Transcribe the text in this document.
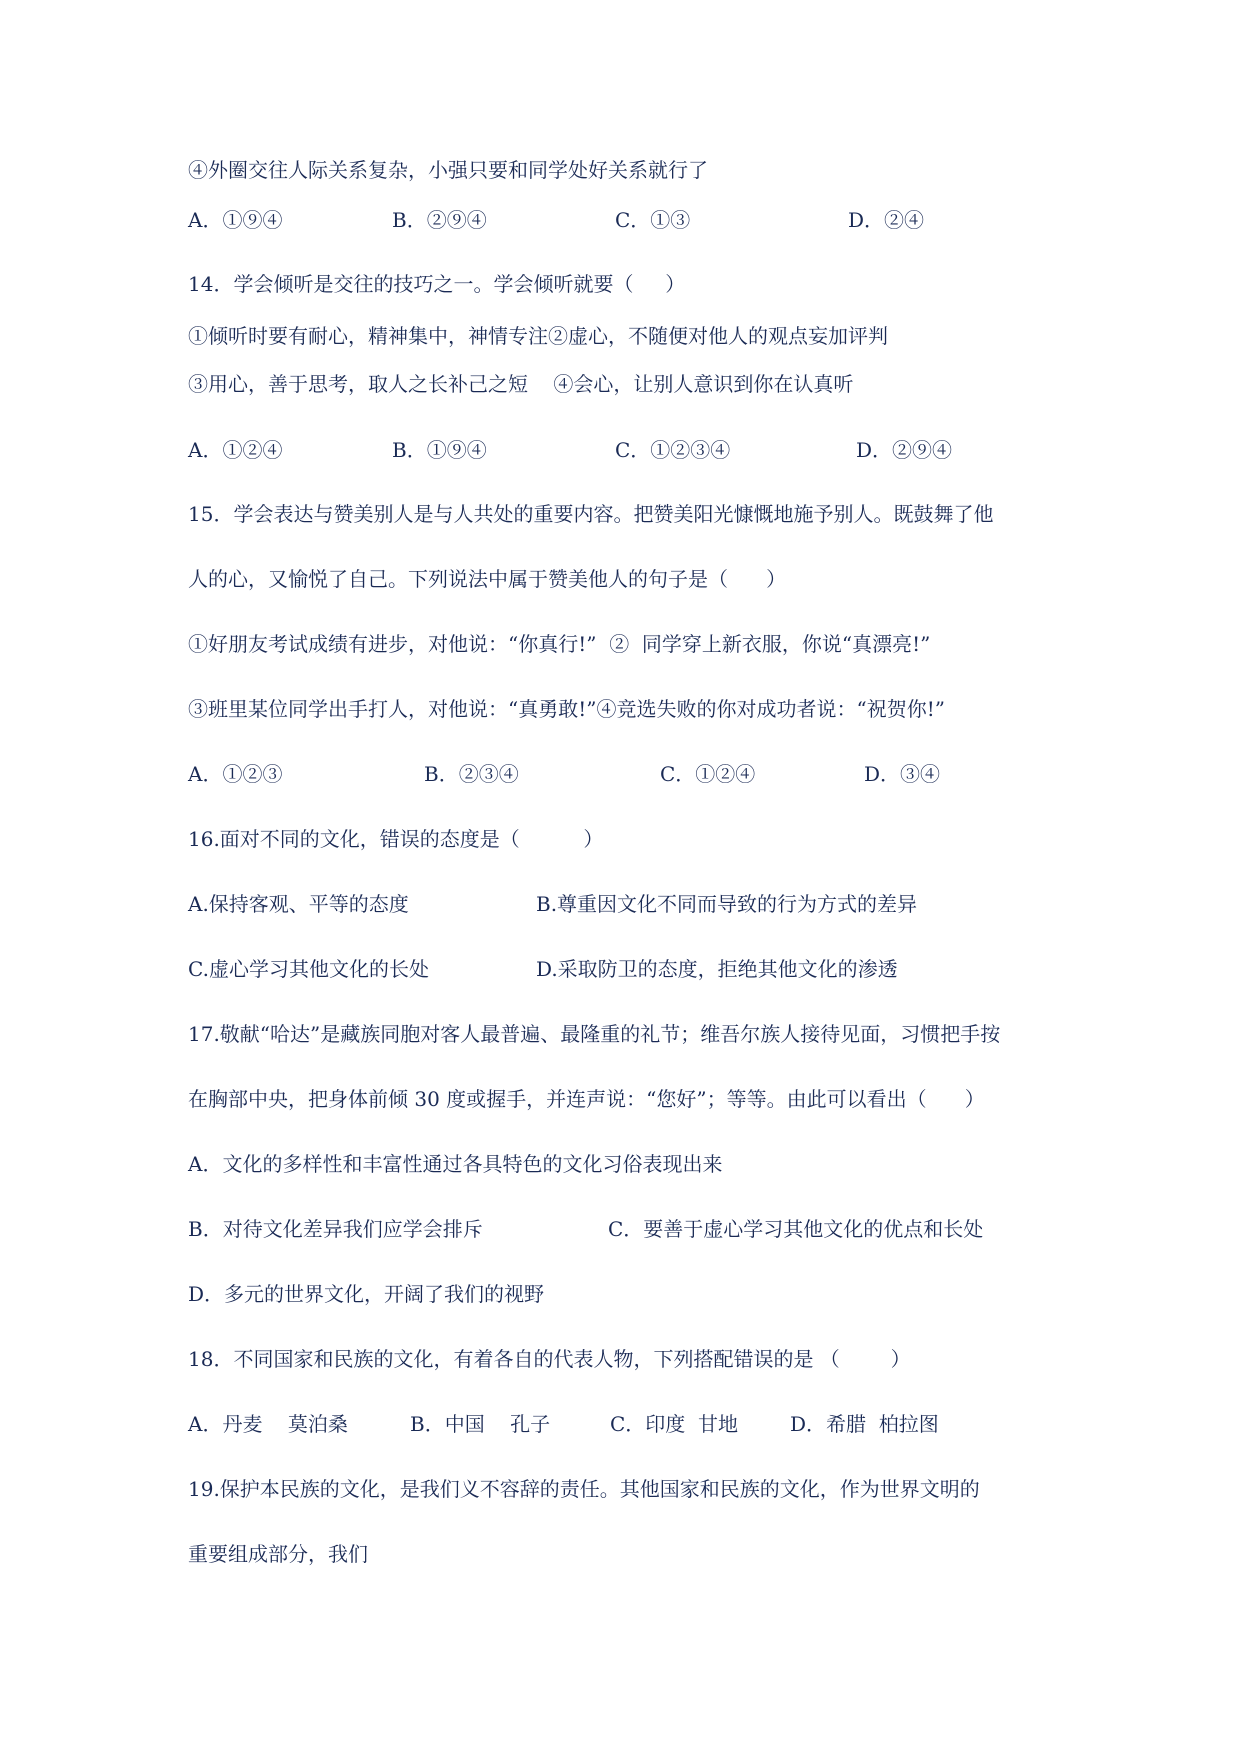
④外圈交往人际关系复杂，小强只要和同学处好关系就行了
A．①⑨④	B．②⑨④	C．①③	D．②④
14．学会倾听是交往的技巧之一。学会倾听就要（     ）
①倾听时要有耐心，精神集中，神情专注②虚心，不随便对他人的观点妄加评判
③用心，善于思考，取人之长补己之短    ④会心，让别人意识到你在认真听
A．①②④	B．①⑨④	C．①②③④	D．②⑨④
15．学会表达与赞美别人是与人共处的重要内容。把赞美阳光慷慨地施予别人。既鼓舞了他
人的心，又愉悦了自己。下列说法中属于赞美他人的句子是（      ）
①好朋友考试成绩有进步，对他说：“你真行!”  ②  同学穿上新衣服，你说“真漂亮!”
③班里某位同学出手打人，对他说：“真勇敢!”④竞选失败的你对成功者说：“祝贺你!”
A．①②③	B．②③④	C．①②④	D．③④
16.面对不同的文化，错误的态度是（          ）
A.保持客观、平等的态度	B.尊重因文化不同而导致的行为方式的差异
C.虚心学习其他文化的长处	D.采取防卫的态度，拒绝其他文化的渗透
17.敬献“哈达”是藏族同胞对客人最普遍、最隆重的礼节；维吾尔族人接待见面，习惯把手按
在胸部中央，把身体前倾 30 度或握手，并连声说：“您好”；等等。由此可以看出（      ）
A．文化的多样性和丰富性通过各具特色的文化习俗表现出来
B．对待文化差异我们应学会排斥	C．要善于虚心学习其他文化的优点和长处
D．多元的世界文化，开阔了我们的视野
18．不同国家和民族的文化，有着各自的代表人物，下列搭配错误的是 （        ）
A．丹麦    莫泊桑	B．中国    孔子	C．印度  甘地	D．希腊  柏拉图
19.保护本民族的文化，是我们义不容辞的责任。其他国家和民族的文化，作为世界文明的
重要组成部分，我们
